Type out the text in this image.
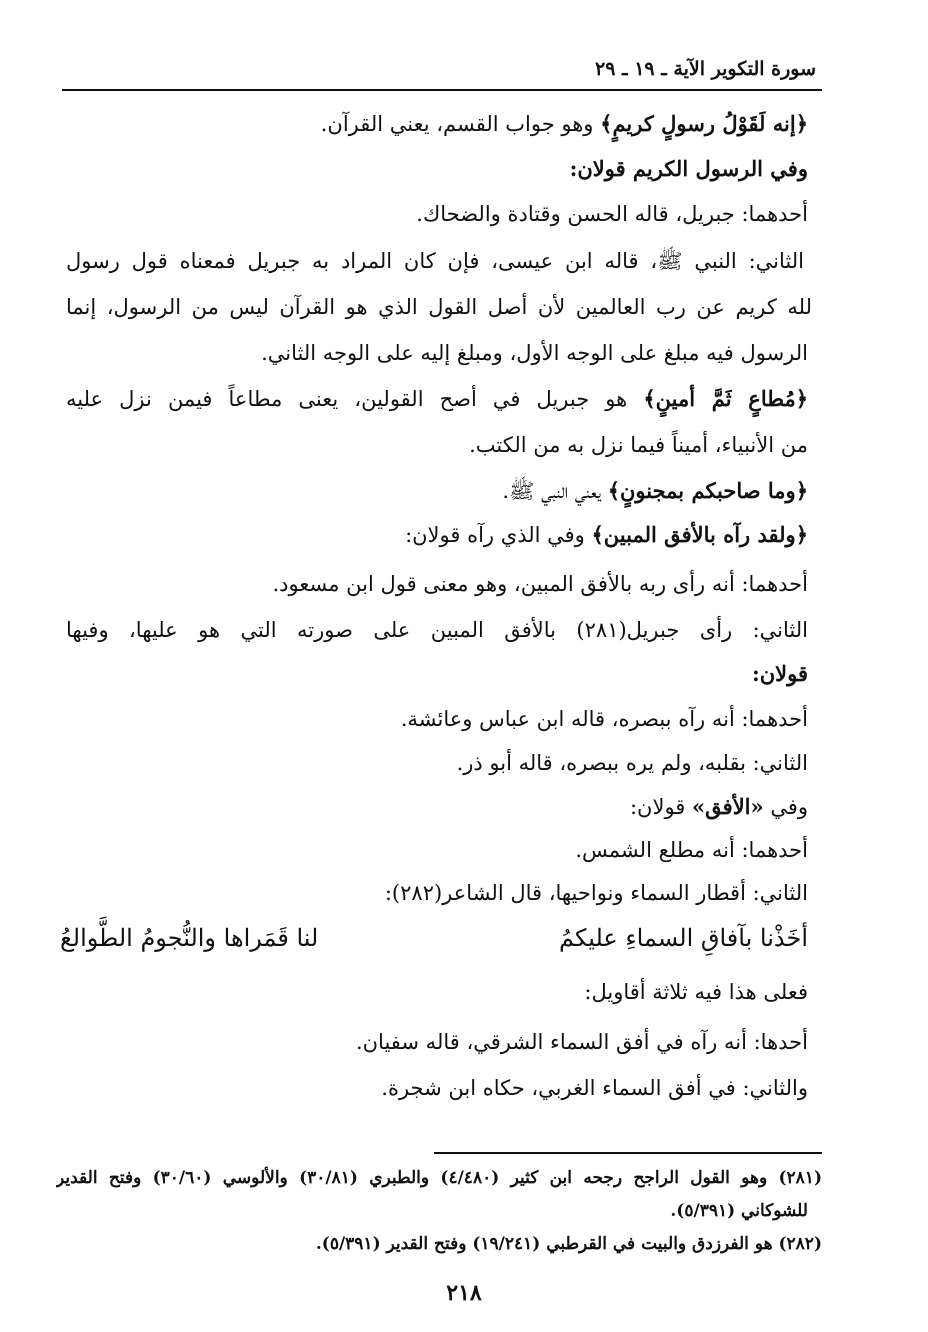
سورة التكوير الآية ـ ١٩ ـ ٢٩
﴿إنه لَقَوْلُ رسولٍ كريمٍ﴾ وهو جواب القسم، يعني القرآن.
وفي الرسول الكريم قولان:
أحدهما: جبريل، قاله الحسن وقتادة والضحاك.
الثاني: النبي ﷺ، قاله ابن عيسى، فإن كان المراد به جبريل فمعناه قول رسول
لله كريم عن رب العالمين لأن أصل القول الذي هو القرآن ليس من الرسول، إنما
الرسول فيه مبلغ على الوجه الأول، ومبلغ إليه على الوجه الثاني.
﴿مُطاعٍ ثَمَّ أمينٍ﴾ هو جبريل في أصح القولين، يعنى مطاعاً فيمن نزل عليه
من الأنبياء، أميناً فيما نزل به من الكتب.
﴿وما صاحبكم بمجنونٍ﴾ يعني النبي ﷺ.
﴿ولقد رآه بالأفق المبين﴾ وفي الذي رآه قولان:
أحدهما: أنه رأى ربه بالأفق المبين، وهو معنى قول ابن مسعود.
الثاني: رأى جبريل(٢٨١) بالأفق المبين على صورته التي هو عليها، وفيها
قولان:
أحدهما: أنه رآه ببصره، قاله ابن عباس وعائشة.
الثاني: بقلبه، ولم يره ببصره، قاله أبو ذر.
وفي «الأفق» قولان:
أحدهما: أنه مطلع الشمس.
الثاني: أقطار السماء ونواحيها، قال الشاعر(٢٨٢):
أخَذْنا بآفاقِ السماءِ عليكمُ
لنا قَمَراها والنُّجومُ الطَّوالعُ
فعلى هذا فيه ثلاثة أقاويل:
أحدها: أنه رآه في أفق السماء الشرقي، قاله سفيان.
والثاني: في أفق السماء الغربي، حكاه ابن شجرة.
(٢٨١) وهو القول الراجح رجحه ابن كثير (٤/٤٨٠) والطبري (٣٠/٨١) والألوسي (٣٠/٦٠) وفتح القدير
للشوكاني (٥/٣٩١).
(٢٨٢) هو الفرزدق والبيت في القرطبي (١٩/٢٤١) وفتح القدير (٥/٣٩١).
٢١٨
